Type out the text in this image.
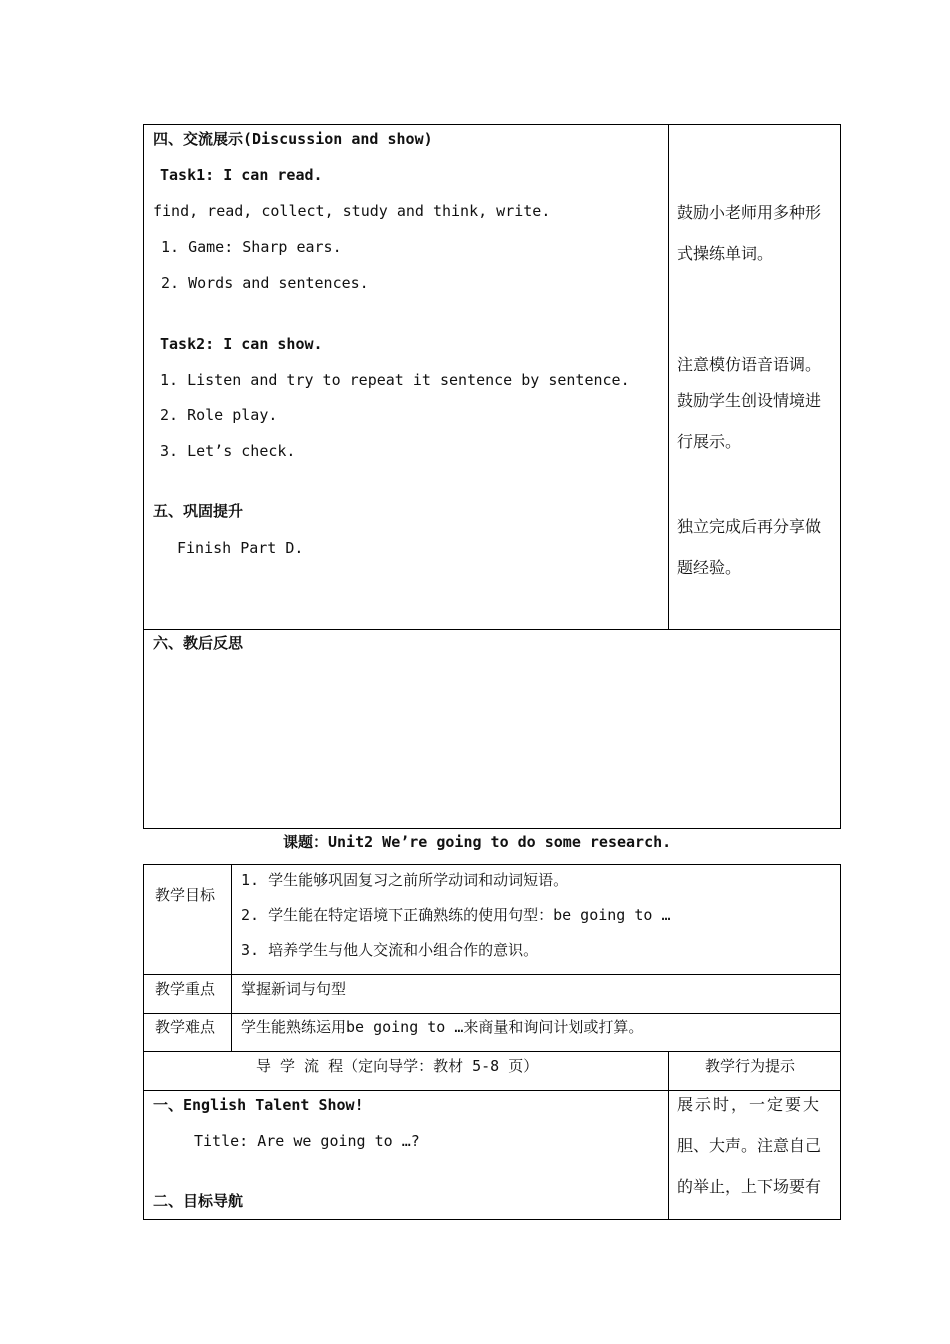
四、交流展示(Discussion and show)
Task1: I can read.
find, read, collect, study and think, write.
1. Game: Sharp ears.
2. Words and sentences.
Task2: I can show.
1. Listen and try to repeat it sentence by sentence.
2. Role play.
3. Let’s check.
五、巩固提升
Finish Part D.
鼓励小老师用多种形
式操练单词。
注意模仿语音语调。
鼓励学生创设情境进
行展示。
独立完成后再分享做
题经验。
六、教后反思
课题：Unit2 We’re going to do some research.
教学目标
1. 学生能够巩固复习之前所学动词和动词短语。
2. 学生能在特定语境下正确熟练的使用句型：be going to …
3. 培养学生与他人交流和小组合作的意识。
教学重点 掌握新词与句型
教学难点 学生能熟练运用be going to …来商量和询问计划或打算。
导 学 流 程（定向导学：教材 5-8 页）	教学行为提示
一、English Talent Show!
Title: Are we going to …?
二、目标导航
展示时，一定要大
胆、大声。注意自己
的举止，上下场要有
